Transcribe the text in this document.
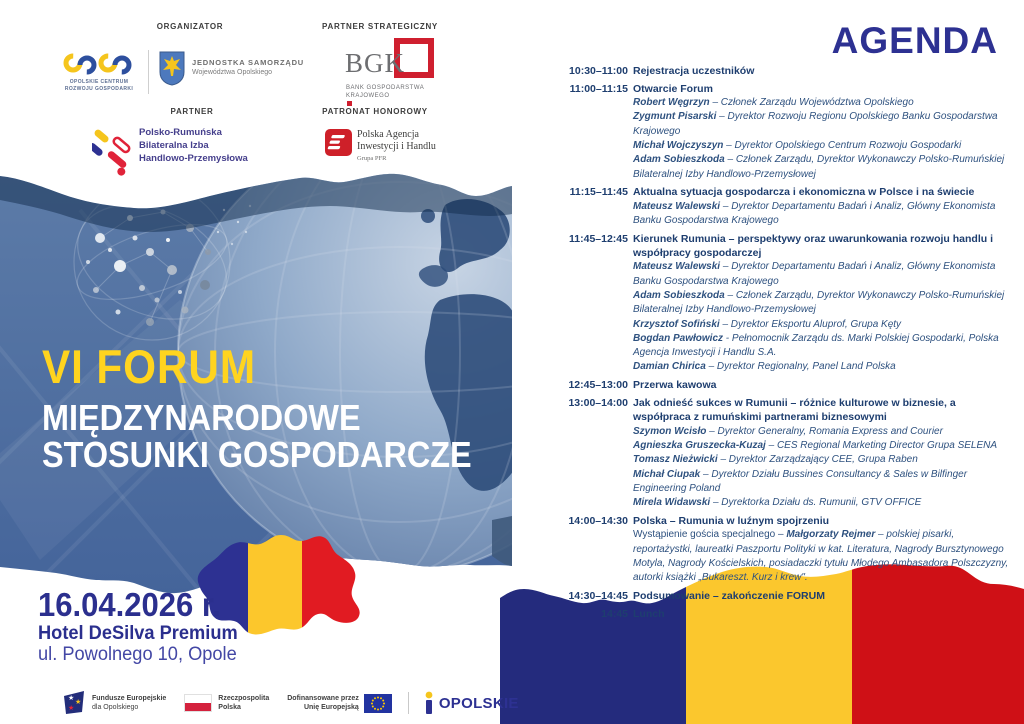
ORGANIZATOR	PARTNER STRATEGICZNY
PARTNER	PATRONAT HONOROWY
OPOLSKIE CENTRUM
ROZWOJU GOSPODARKI
JEDNOSTKA SAMORZĄDU
Województwa Opolskiego	BGK
BANK GOSPODARSTWA
KRAJOWEGO
Polsko-Rumuńska
Bilateralna Izba
Handlowo-Przemysłowa
Polska Agencja
Inwestycji i Handlu
Grupa PFR
VI FORUM
MIĘDZYNARODOWE
STOSUNKI GOSPODARCZE
16.04.2026 r.
Hotel DeSilva Premium
ul. Powolnego 10, Opole
★
★
★
Fundusze Europejskie
dla Opolskiego
Rzeczpospolita
Polska
Dofinansowane przez
Unię Europejską	OPOLSKIE
AGENDA
10:30–11:00 Rejestracja uczestników
11:00–11:15 Otwarcie Forum

Robert Węgrzyn – Członek Zarządu Województwa Opolskiego

Zygmunt Pisarski – Dyrektor Rozwoju Regionu Opolskiego Banku Gospodarstwa Krajowego

Michał Wojczyszyn – Dyrektor Opolskiego Centrum Rozwoju Gospodarki

Adam Sobieszkoda – Członek Zarządu, Dyrektor Wykonawczy Polsko-Rumuńskiej Bilateralnej Izby Handlowo-Przemysłowej

11:15–11:45 Aktualna sytuacja gospodarcza i ekonomiczna w Polsce i na świecie

Mateusz Walewski – Dyrektor Departamentu Badań i Analiz, Główny Ekonomista Banku Gospodarstwa Krajowego

11:45–12:45 Kierunek Rumunia – perspektywy oraz uwarunkowania rozwoju handlu i współpracy gospodarczej

Mateusz Walewski – Dyrektor Departamentu Badań i Analiz, Główny Ekonomista Banku Gospodarstwa Krajowego

Adam Sobieszkoda – Członek Zarządu, Dyrektor Wykonawczy Polsko-Rumuńskiej Bilateralnej Izby Handlowo-Przemysłowej

Krzysztof Sofiński – Dyrektor Eksportu Aluprof, Grupa Kęty

Bogdan Pawłowicz - Pełnomocnik Zarządu ds. Marki Polskiej Gospodarki, Polska Agencja Inwestycji i Handlu S.A.

Damian Chirica – Dyrektor Regionalny, Panel Land Polska

12:45–13:00 Przerwa kawowa
13:00–14:00 Jak odnieść sukces w Rumunii – różnice kulturowe w biznesie, a współpraca z rumuńskimi partnerami biznesowymi

Szymon Wcisło – Dyrektor Generalny, Romania Express and Courier

Agnieszka Gruszecka-Kuzaj – CES Regional Marketing Director Grupa SELENA

Tomasz Nieżwicki – Dyrektor Zarządzający CEE, Grupa Raben

Michał Ciupak – Dyrektor Działu Bussines Consultancy & Sales w Bilfinger Engineering Poland

Mirela Widawski – Dyrektorka Działu ds. Rumunii, GTV OFFICE

14:00–14:30 Polska – Rumunia w luźnym spojrzeniu

Wystąpienie gościa specjalnego – Małgorzaty Rejmer – polskiej pisarki, reportażystki, laureatki Paszportu Polityki w kat. Literatura, Nagrody Bursztynowego Motyla, Nagrody Kościelskich, posiadaczki tytułu Młodego Ambasadora Polszczyzny, autorki książki „Bukareszt. Kurz i krew".

14:30–14:45 Podsumowanie – zakończenie FORUM
14:45 Lunch
